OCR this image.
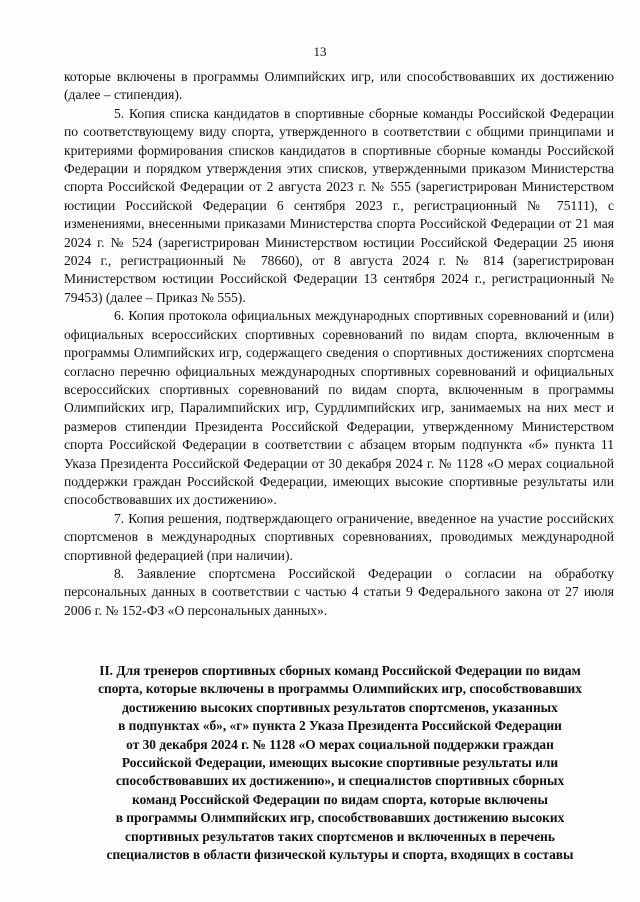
13

которые включены в программы Олимпийских игр, или способствовавших их достижению (далее – стипендия).

5. Копия списка кандидатов в спортивные сборные команды Российской Федерации по соответствующему виду спорта, утвержденного в соответствии с общими принципами и критериями формирования списков кандидатов в спортивные сборные команды Российской Федерации и порядком утверждения этих списков, утвержденными приказом Министерства спорта Российской Федерации от 2 августа 2023 г. № 555 (зарегистрирован Министерством юстиции Российской Федерации 6 сентября 2023 г., регистрационный № 75111), с изменениями, внесенными приказами Министерства спорта Российской Федерации от 21 мая 2024 г. № 524 (зарегистрирован Министерством юстиции Российской Федерации 25 июня 2024 г., регистрационный № 78660), от 8 августа 2024 г. № 814 (зарегистрирован Министерством юстиции Российской Федерации 13 сентября 2024 г., регистрационный № 79453) (далее – Приказ № 555).

6. Копия протокола официальных международных спортивных соревнований и (или) официальных всероссийских спортивных соревнований по видам спорта, включенным в программы Олимпийских игр, содержащего сведения о спортивных достижениях спортсмена согласно перечню официальных международных спортивных соревнований и официальных всероссийских спортивных соревнований по видам спорта, включенным в программы Олимпийских игр, Паралимпийских игр, Сурдлимпийских игр, занимаемых на них мест и размеров стипендии Президента Российской Федерации, утвержденному Министерством спорта Российской Федерации в соответствии с абзацем вторым подпункта «б» пункта 11 Указа Президента Российской Федерации от 30 декабря 2024 г. № 1128 «О мерах социальной поддержки граждан Российской Федерации, имеющих высокие спортивные результаты или способствовавших их достижению».

7. Копия решения, подтверждающего ограничение, введенное на участие российских спортсменов в международных спортивных соревнованиях, проводимых международной спортивной федерацией (при наличии).

8. Заявление спортсмена Российской Федерации о согласии на обработку персональных данных в соответствии с частью 4 статьи 9 Федерального закона от 27 июля 2006 г. № 152-ФЗ «О персональных данных».

II. Для тренеров спортивных сборных команд Российской Федерации по видам
спорта, которые включены в программы Олимпийских игр, способствовавших
достижению высоких спортивных результатов спортсменов, указанных
в подпунктах «б», «г» пункта 2 Указа Президента Российской Федерации
от 30 декабря 2024 г. № 1128 «О мерах социальной поддержки граждан
Российской Федерации, имеющих высокие спортивные результаты или
способствовавших их достижению», и специалистов спортивных сборных
команд Российской Федерации по видам спорта, которые включены
в программы Олимпийских игр, способствовавших достижению высоких
спортивных результатов таких спортсменов и включенных в перечень
специалистов в области физической культуры и спорта, входящих в составы
